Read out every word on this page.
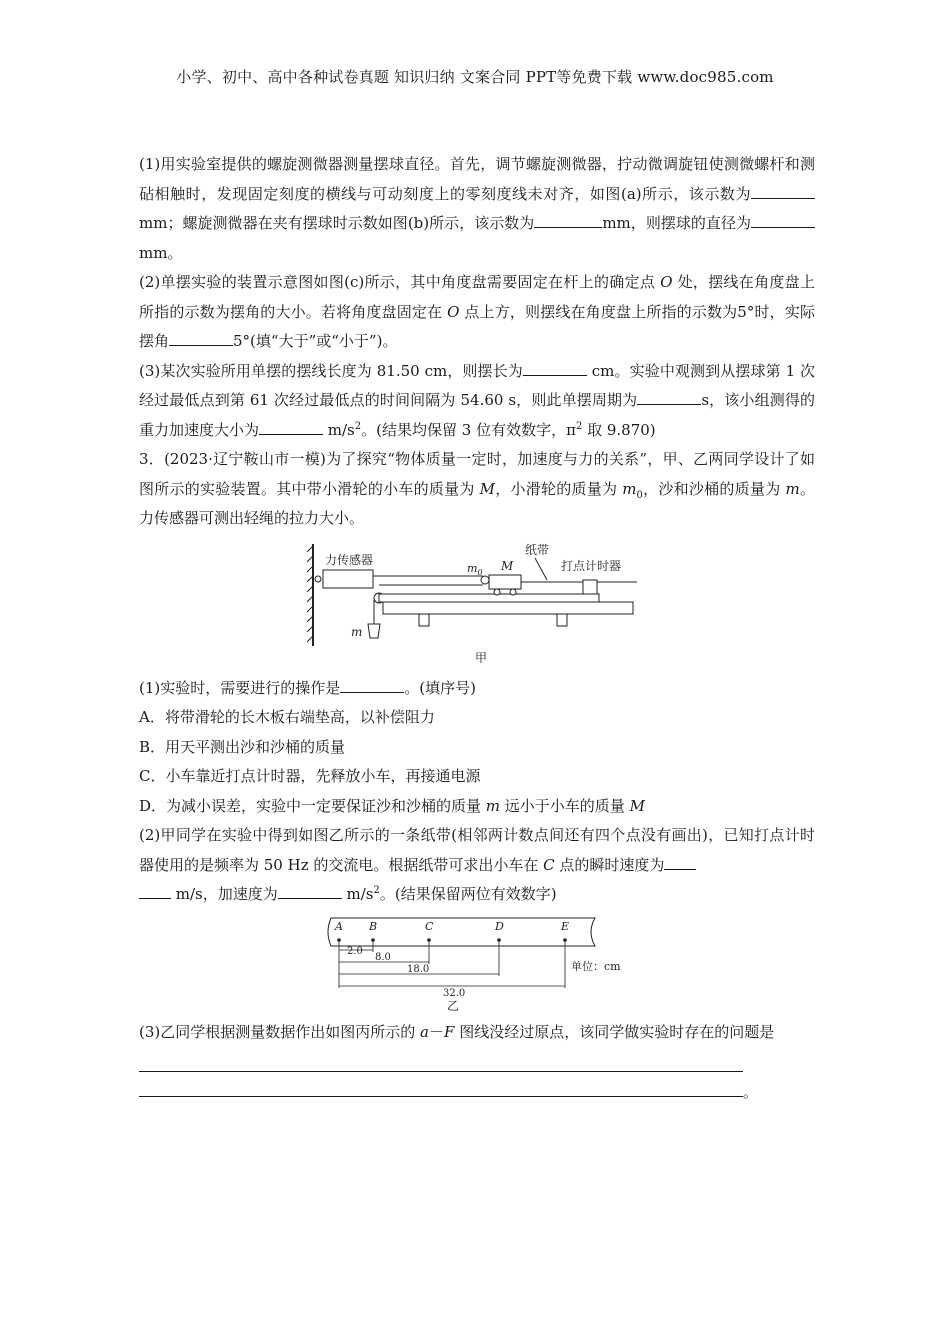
小学、初中、高中各种试卷真题 知识归纳 文案合同 PPT等免费下载 www.doc985.com

(1)用实验室提供的螺旋测微器测量摆球直径。首先，调节螺旋测微器，拧动微调旋钮使测微螺杆和测砧相触时，发现固定刻度的横线与可动刻度上的零刻度线未对齐，如图(a)所示，该示数为 mm；螺旋测微器在夹有摆球时示数如图(b)所示，该示数为	mm，则摆球的直径为 mm。

(2)单摆实验的装置示意图如图(c)所示，其中角度盘需要固定在杆上的确定点 O 处，摆线在角度盘上所指的示数为摆角的大小。若将角度盘固定在 O 点上方，则摆线在角度盘上所指的示数为5°时，实际摆角	5°(填“大于”或“小于”)。

(3)某次实验所用单摆的摆线长度为 81.50 cm，则摆长为	cm。实验中观测到从摆球第 1 次经过最低点到第 61 次经过最低点的时间间隔为 54.60 s，则此单摆周期为	s，该小组测得的重力加速度大小为	$m/s^2$。(结果均保留 3 位有效数字，$\pi^2$ 取 9.870)

3．(2023·辽宁鞍山市一模)为了探究“物体质量一定时，加速度与力的关系”，甲、乙两同学设计了如图所示的实验装置。其中带小滑轮的小车的质量为 M，小滑轮的质量为 $m_0$，沙和沙桶的质量为 m。力传感器可测出轻绳的拉力大小。

力传感器
m
M
$m_0$
纸带
打点计时器
甲

(1)实验时，需要进行的操作是	。(填序号)

A．将带滑轮的长木板右端垫高，以补偿阻力

B．用天平测出沙和沙桶的质量

C．小车靠近打点计时器，先释放小车，再接通电源

D．为减小误差，实验中一定要保证沙和沙桶的质量 m 远小于小车的质量 M

(2)甲同学在实验中得到如图乙所示的一条纸带(相邻两计数点间还有四个点没有画出)，已知打点计时器使用的是频率为 50 Hz 的交流电。根据纸带可求出小车在 C 点的瞬时速度为
m/s，加速度为	$m/s^2$。(结果保留两位有效数字)

A B	C	D	E
2.0
8.0
18.0
32.0
单位：cm
乙

(3)乙同学根据测量数据作出如图丙所示的 a－F 图线没经过原点，该同学做实验时存在的问题是

。
